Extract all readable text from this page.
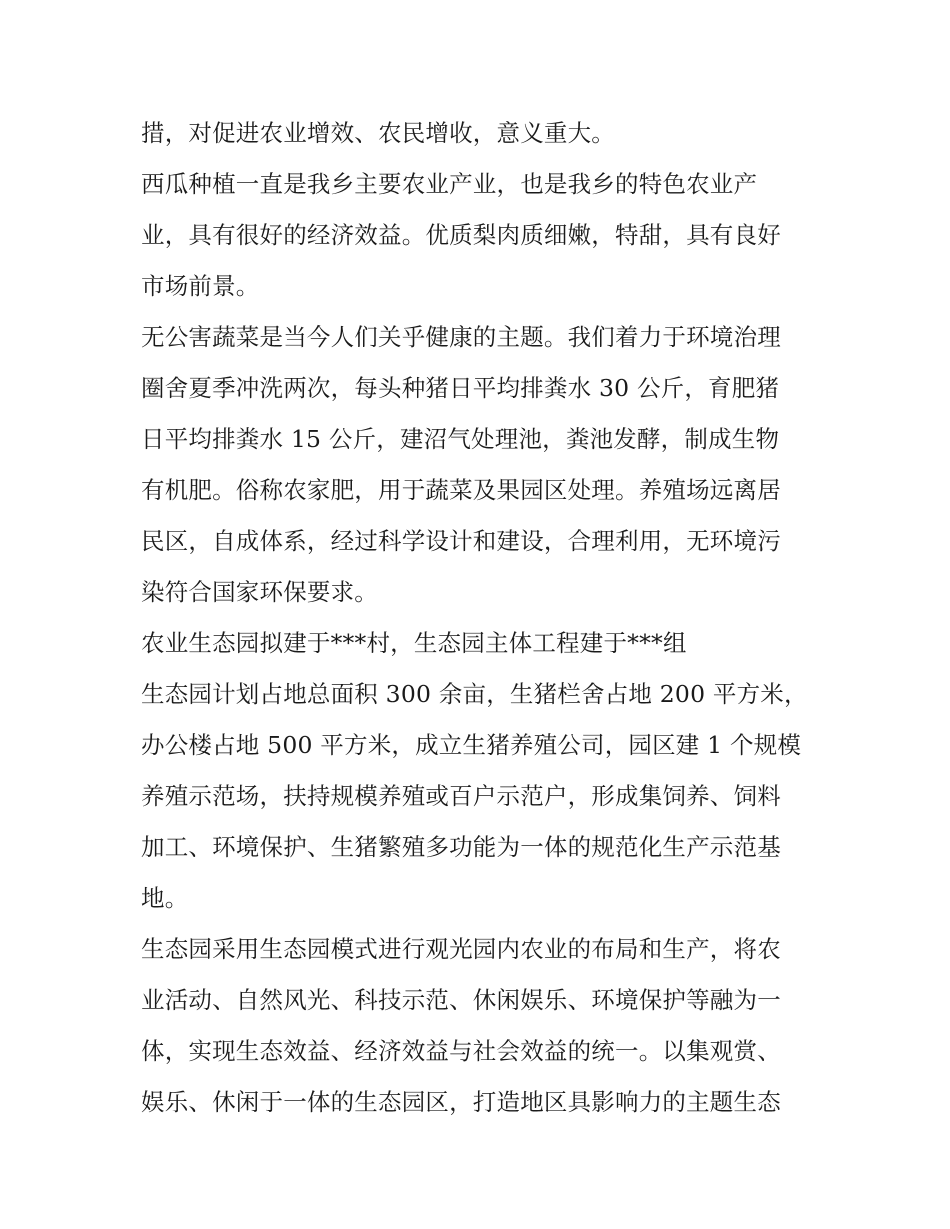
措，对促进农业增效、农民增收，意义重大。
西瓜种植一直是我乡主要农业产业，也是我乡的特色农业产
业，具有很好的经济效益。优质梨肉质细嫩，特甜，具有良好
市场前景。
无公害蔬菜是当今人们关乎健康的主题。我们着力于环境治理
圈舍夏季冲洗两次，每头种猪日平均排粪水 30 公斤，育肥猪
日平均排粪水 15 公斤，建沼气处理池，粪池发酵，制成生物
有机肥。俗称农家肥，用于蔬菜及果园区处理。养殖场远离居
民区，自成体系，经过科学设计和建设，合理利用，无环境污
染符合国家环保要求。
农业生态园拟建于***村，生态园主体工程建于***组
生态园计划占地总面积 300 余亩，生猪栏舍占地 200 平方米，
办公楼占地 500 平方米，成立生猪养殖公司，园区建 1 个规模
养殖示范场，扶持规模养殖或百户示范户，形成集饲养、饲料
加工、环境保护、生猪繁殖多功能为一体的规范化生产示范基
地。
生态园采用生态园模式进行观光园内农业的布局和生产，将农
业活动、自然风光、科技示范、休闲娱乐、环境保护等融为一
体，实现生态效益、经济效益与社会效益的统一。以集观赏、
娱乐、休闲于一体的生态园区，打造地区具影响力的主题生态
